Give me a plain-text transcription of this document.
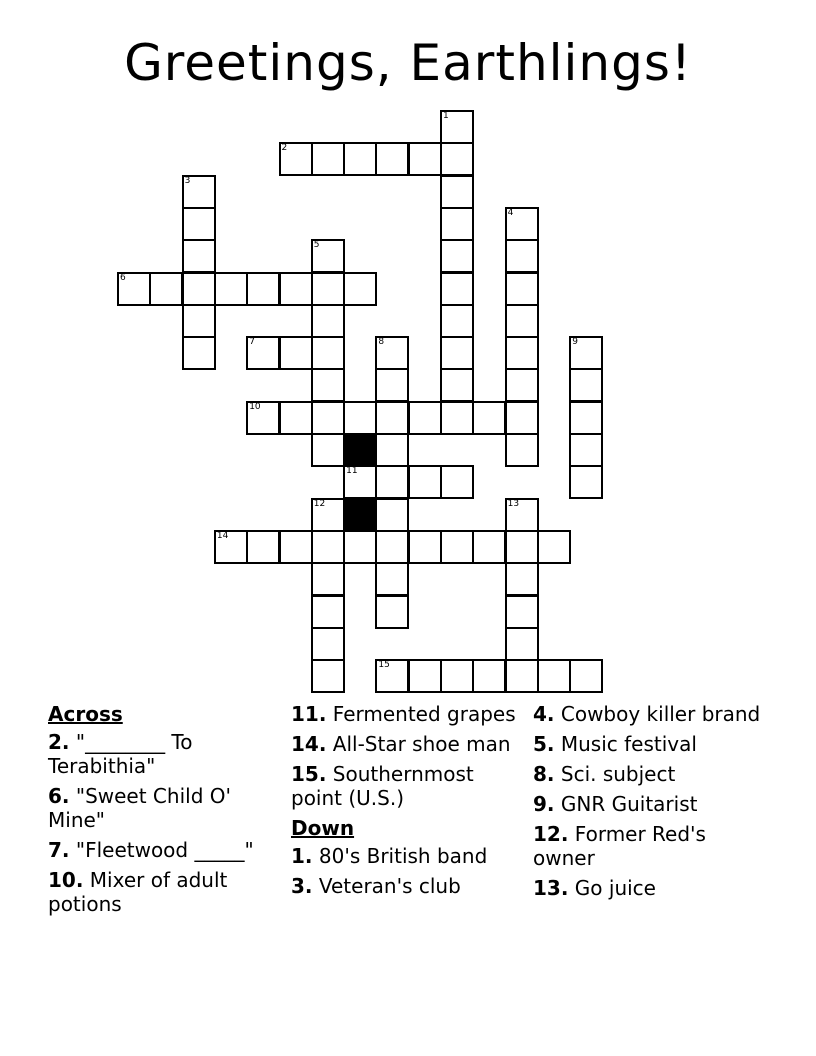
Greetings, Earthlings!
1
2
3
4
5
6
7	8	9
10
11
12	13
14
15
Across
2. "________ To Terabithia"
6. "Sweet Child O' Mine"
7. "Fleetwood _____"
10. Mixer of adult potions
11. Fermented grapes
14. All-Star shoe man
15. Southernmost point (U.S.)
Down
1. 80's British band
3. Veteran's club
4. Cowboy killer brand
5. Music festival
8. Sci. subject
9. GNR Guitarist
12. Former Red's owner
13. Go juice
